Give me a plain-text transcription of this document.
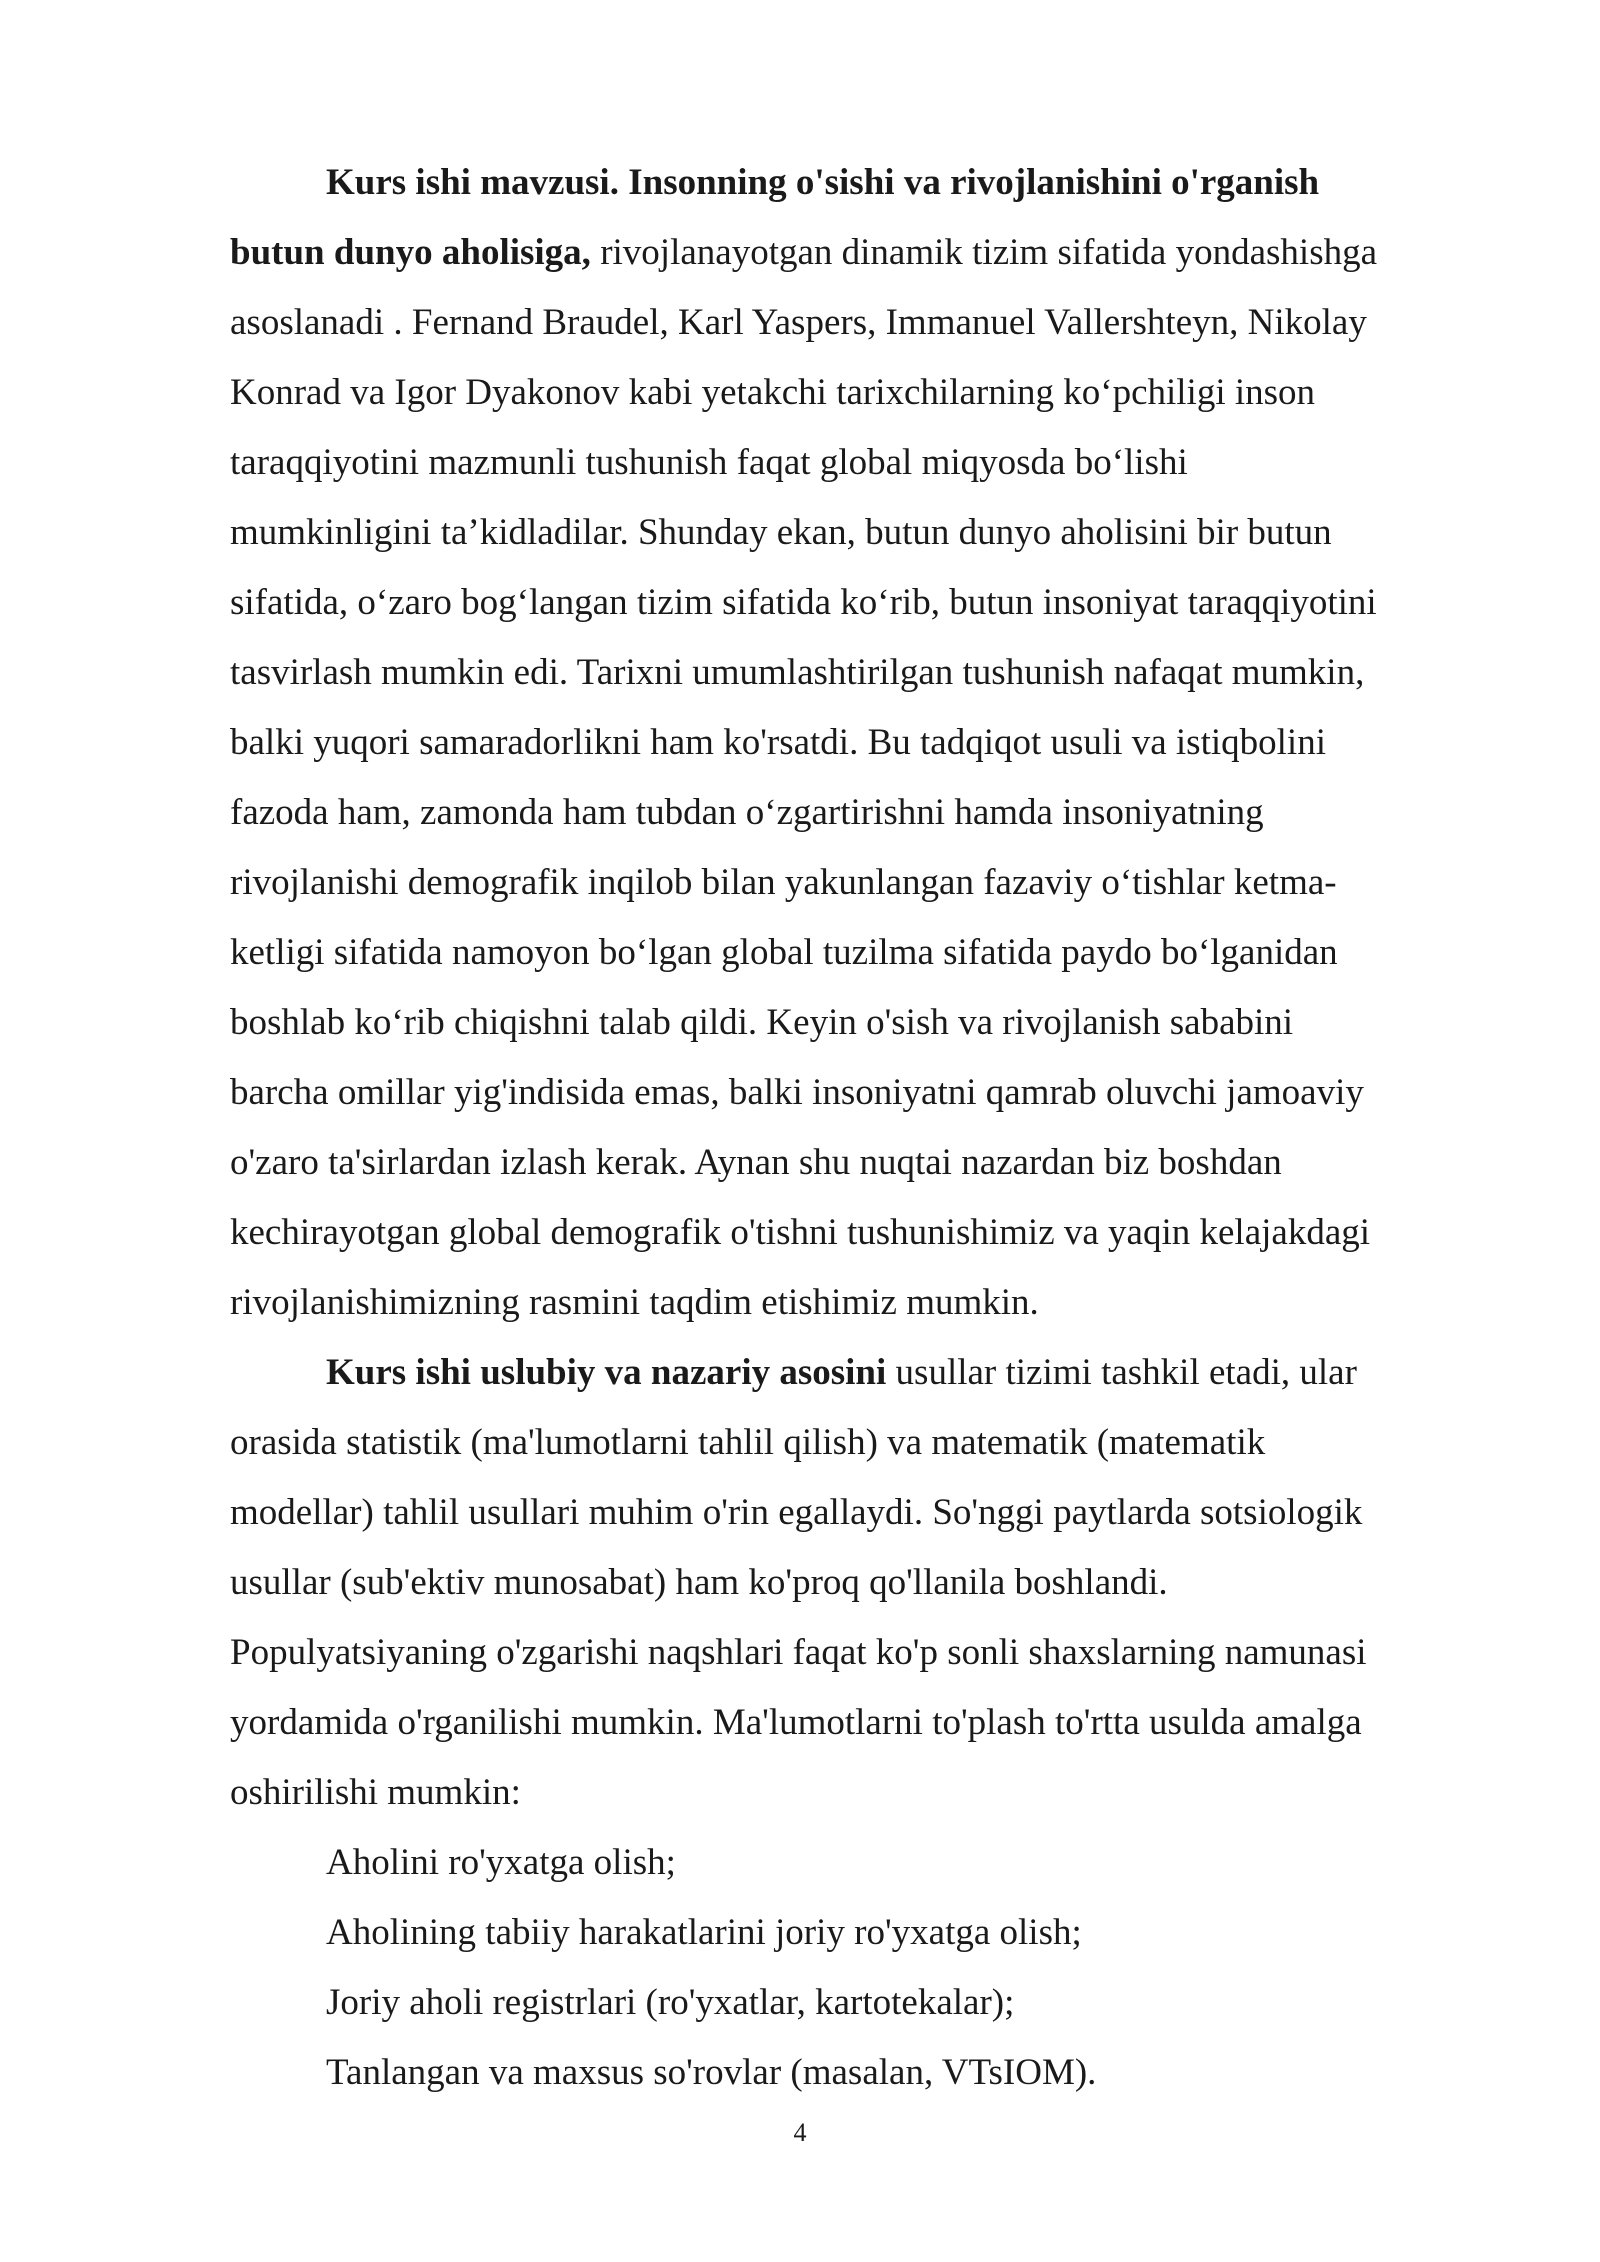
Kurs ishi mavzusi. Insonning o'sishi va rivojlanishini o'rganish
butun dunyo aholisiga, rivojlanayotgan dinamik tizim sifatida yondashishga
asoslanadi . Fernand Braudel, Karl Yaspers, Immanuel Vallershteyn, Nikolay
Konrad va Igor Dyakonov kabi yetakchi tarixchilarning ko‘pchiligi inson
taraqqiyotini mazmunli tushunish faqat global miqyosda bo‘lishi
mumkinligini ta’kidladilar. Shunday ekan, butun dunyo aholisini bir butun
sifatida, o‘zaro bog‘langan tizim sifatida ko‘rib, butun insoniyat taraqqiyotini
tasvirlash mumkin edi. Tarixni umumlashtirilgan tushunish nafaqat mumkin,
balki yuqori samaradorlikni ham ko'rsatdi. Bu tadqiqot usuli va istiqbolini
fazoda ham, zamonda ham tubdan o‘zgartirishni hamda insoniyatning
rivojlanishi demografik inqilob bilan yakunlangan fazaviy o‘tishlar ketma-
ketligi sifatida namoyon bo‘lgan global tuzilma sifatida paydo bo‘lganidan
boshlab ko‘rib chiqishni talab qildi. Keyin o'sish va rivojlanish sababini
barcha omillar yig'indisida emas, balki insoniyatni qamrab oluvchi jamoaviy
o'zaro ta'sirlardan izlash kerak. Aynan shu nuqtai nazardan biz boshdan
kechirayotgan global demografik o'tishni tushunishimiz va yaqin kelajakdagi
rivojlanishimizning rasmini taqdim etishimiz mumkin.
Kurs ishi uslubiy va nazariy asosini usullar tizimi tashkil etadi, ular
orasida statistik (ma'lumotlarni tahlil qilish) va matematik (matematik
modellar) tahlil usullari muhim o'rin egallaydi. So'nggi paytlarda sotsiologik
usullar (sub'ektiv munosabat) ham ko'proq qo'llanila boshlandi.
Populyatsiyaning o'zgarishi naqshlari faqat ko'p sonli shaxslarning namunasi
yordamida o'rganilishi mumkin. Ma'lumotlarni to'plash to'rtta usulda amalga
oshirilishi mumkin:
Aholini ro'yxatga olish;
Aholining tabiiy harakatlarini joriy ro'yxatga olish;
Joriy aholi registrlari (ro'yxatlar, kartotekalar);
Tanlangan va maxsus so'rovlar (masalan, VTsIOM).
4
